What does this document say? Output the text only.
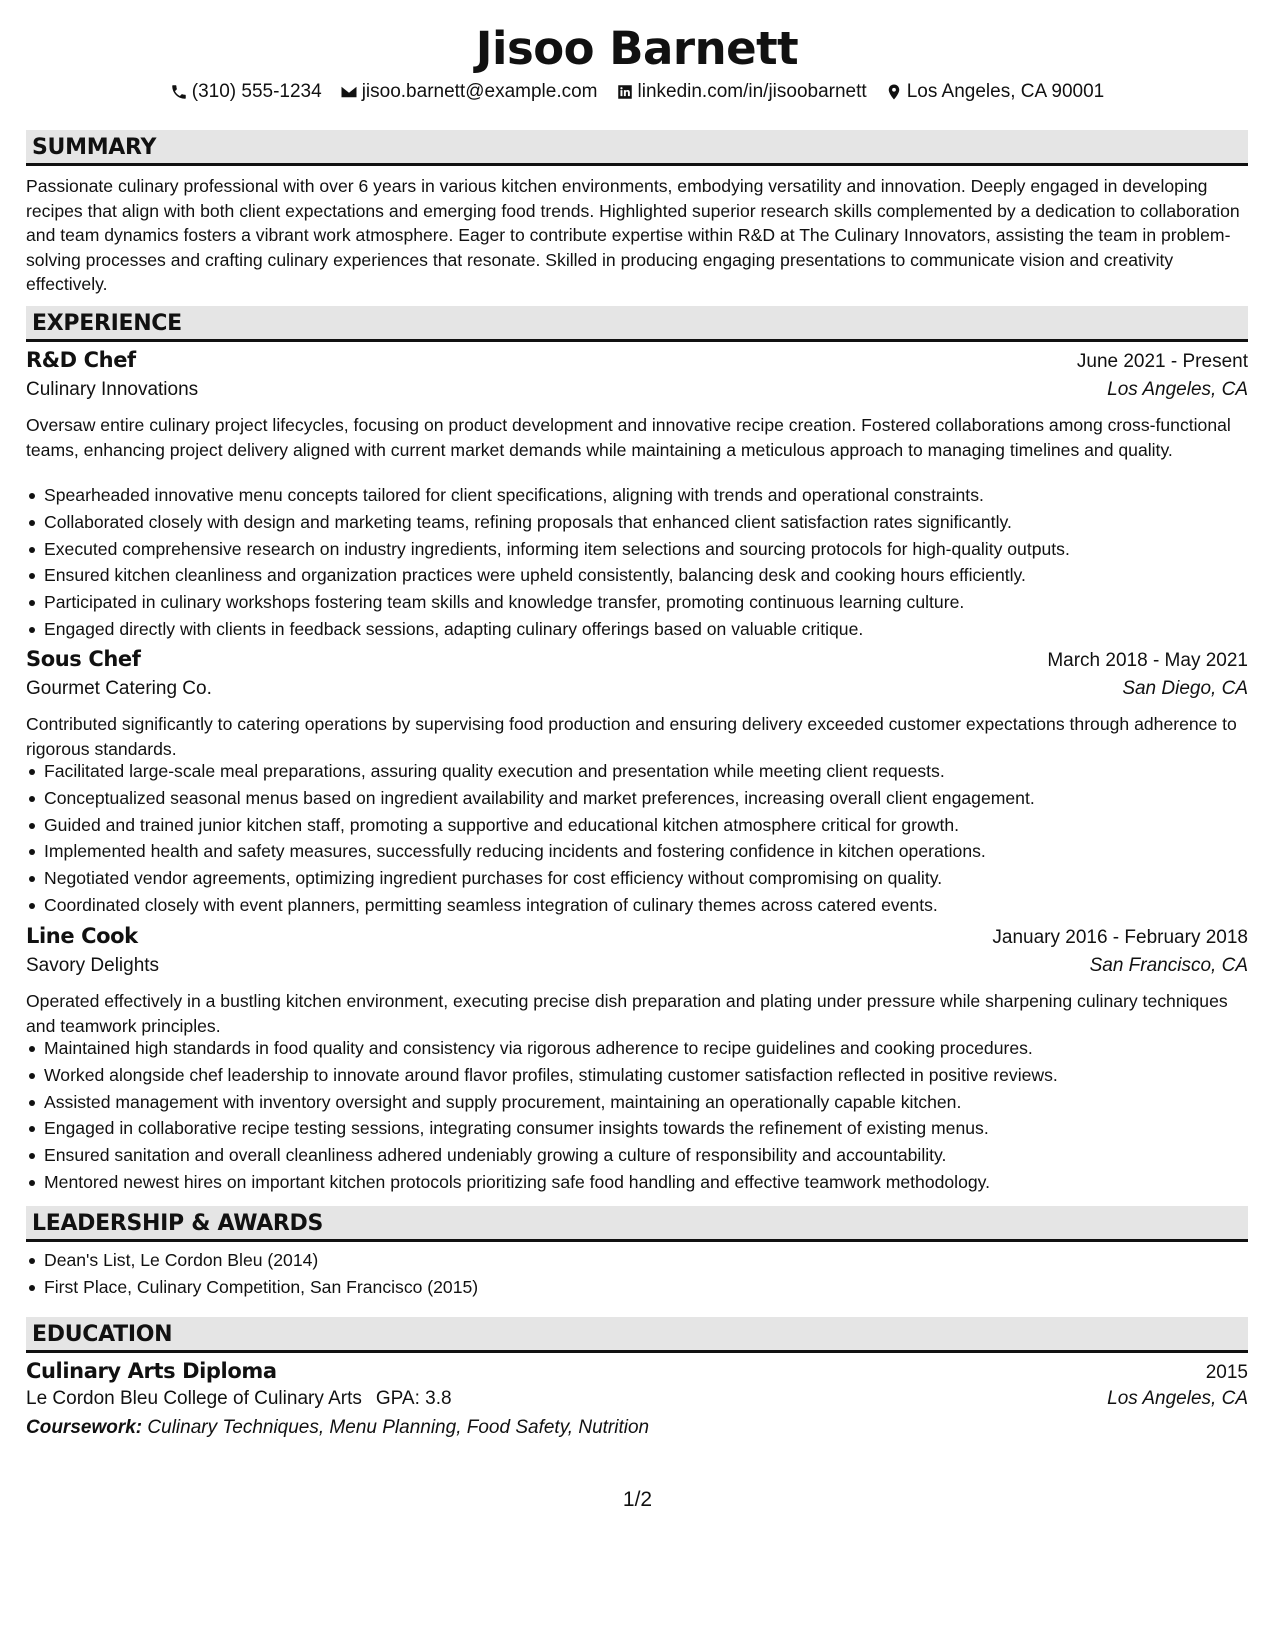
Jisoo Barnett
(310) 555-1234 jisoo.barnett@example.com linkedin.com/in/jisoobarnett Los Angeles, CA 90001
SUMMARY
Passionate culinary professional with over 6 years in various kitchen environments, embodying versatility and innovation. Deeply engaged in developing recipes that align with both client expectations and emerging food trends. Highlighted superior research skills complemented by a dedication to collaboration and team dynamics fosters a vibrant work atmosphere. Eager to contribute expertise within R&D at The Culinary Innovators, assisting the team in problem-solving processes and crafting culinary experiences that resonate. Skilled in producing engaging presentations to communicate vision and creativity effectively.
EXPERIENCE
R&D Chef	June 2021 - Present
Culinary Innovations	Los Angeles, CA
Oversaw entire culinary project lifecycles, focusing on product development and innovative recipe creation. Fostered collaborations among cross-functional teams, enhancing project delivery aligned with current market demands while maintaining a meticulous approach to managing timelines and quality.
Spearheaded innovative menu concepts tailored for client specifications, aligning with trends and operational constraints.
Collaborated closely with design and marketing teams, refining proposals that enhanced client satisfaction rates significantly.
Executed comprehensive research on industry ingredients, informing item selections and sourcing protocols for high-quality outputs.
Ensured kitchen cleanliness and organization practices were upheld consistently, balancing desk and cooking hours efficiently.
Participated in culinary workshops fostering team skills and knowledge transfer, promoting continuous learning culture.
Engaged directly with clients in feedback sessions, adapting culinary offerings based on valuable critique.
Sous Chef	March 2018 - May 2021
Gourmet Catering Co.	San Diego, CA
Contributed significantly to catering operations by supervising food production and ensuring delivery exceeded customer expectations through adherence to rigorous standards.
Facilitated large-scale meal preparations, assuring quality execution and presentation while meeting client requests.
Conceptualized seasonal menus based on ingredient availability and market preferences, increasing overall client engagement.
Guided and trained junior kitchen staff, promoting a supportive and educational kitchen atmosphere critical for growth.
Implemented health and safety measures, successfully reducing incidents and fostering confidence in kitchen operations.
Negotiated vendor agreements, optimizing ingredient purchases for cost efficiency without compromising on quality.
Coordinated closely with event planners, permitting seamless integration of culinary themes across catered events.
Line Cook	January 2016 - February 2018
Savory Delights	San Francisco, CA
Operated effectively in a bustling kitchen environment, executing precise dish preparation and plating under pressure while sharpening culinary techniques and teamwork principles.
Maintained high standards in food quality and consistency via rigorous adherence to recipe guidelines and cooking procedures.
Worked alongside chef leadership to innovate around flavor profiles, stimulating customer satisfaction reflected in positive reviews.
Assisted management with inventory oversight and supply procurement, maintaining an operationally capable kitchen.
Engaged in collaborative recipe testing sessions, integrating consumer insights towards the refinement of existing menus.
Ensured sanitation and overall cleanliness adhered undeniably growing a culture of responsibility and accountability.
Mentored newest hires on important kitchen protocols prioritizing safe food handling and effective teamwork methodology.
LEADERSHIP & AWARDS
Dean's List, Le Cordon Bleu (2014)
First Place, Culinary Competition, San Francisco (2015)
EDUCATION
Culinary Arts Diploma	2015
Le Cordon Bleu College of Culinary Arts GPA: 3.8	Los Angeles, CA
Coursework: Culinary Techniques, Menu Planning, Food Safety, Nutrition
1/2
